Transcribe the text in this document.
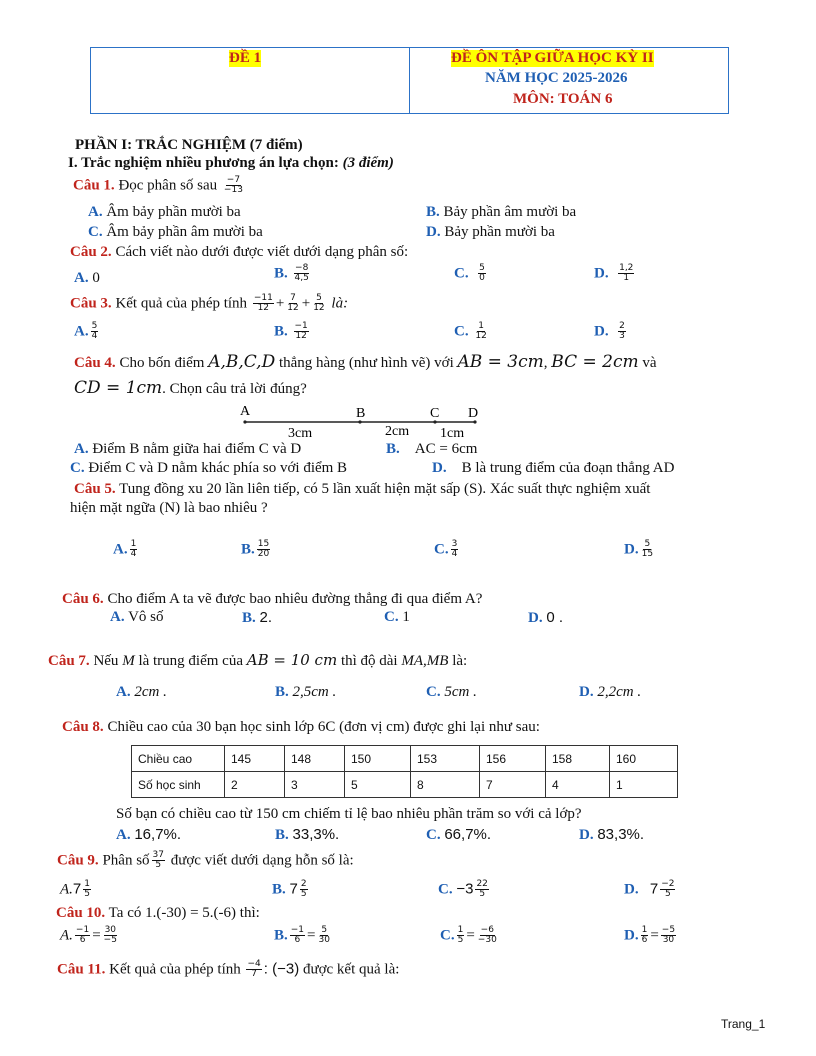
ĐỀ 1	ĐỀ ÔN TẬP GIỮA HỌC KỲ II
NĂM HỌC 2025-2026
MÔN: TOÁN 6
PHẦN I: TRẮC NGHIỆM (7 điểm)
I. Trắc nghiệm nhiều phương án lựa chọn: (3 điểm)
Câu 1. Đọc phân số sau $\frac{-7}{-13}$
A. Âm bảy phần mười ba	B. Bảy phần âm mười ba
C. Âm bảy phần âm mười ba	D. Bảy phần mười ba
Câu 2. Cách viết nào dưới được viết dưới dạng phân số:
A. 0	B. $\frac{-8}{4,5}$	C. $\frac{5}{0}$	D. $\frac{1,2}{1}$
Câu 3. Kết quả của phép tính $\frac{-11}{12} + \frac{7}{12} + \frac{5}{12}$ là:
A. $\frac{5}{4}$	B. $\frac{-1}{12}$	C. $\frac{1}{12}$	D. $\frac{2}{3}$
Câu 4. Cho bốn điểm A,B,C,D thẳng hàng (như hình vẽ) với AB = 3cm, BC = 2cm và
CD = 1cm. Chọn câu trả lời đúng?
A	B	C D
3cm	2cm 1cm
A. Điểm B nằm giữa hai điểm C và D	B. AC = 6cm
C. Điểm C và D nằm khác phía so với điểm B	D. B là trung điểm của đoạn thẳng AD
Câu 5. Tung đồng xu 20 lần liên tiếp, có 5 lần xuất hiện mặt sấp (S). Xác suất thực nghiệm xuất
hiện mặt ngữa (N) là bao nhiêu ?
A. $\frac{1}{4}$	B. $\frac{15}{20}$	C. $\frac{3}{4}$	D. $\frac{5}{15}$
Câu 6. Cho điểm A ta vẽ được bao nhiêu đường thẳng đi qua điểm A?
A. Vô số	B. 2.	C. 1	D. 0 .
Câu 7. Nếu M là trung điểm của AB = 10 cm thì độ dài MA,MB là:
A. 2cm .	B. 2,5cm .	C. 5cm .	D. 2,2cm .
Câu 8. Chiều cao của 30 bạn học sinh lớp 6C (đơn vị cm) được ghi lại như sau:
Chiều cao	145	148	150	153	156	158	160
Số học sinh	2	3	5	8	7	4	1
Số bạn có chiều cao từ 150 cm chiếm tỉ lệ bao nhiêu phần trăm so với cả lớp?
A. 16,7%.	B. 33,3%.	C. 66,7%.	D. 83,3%.
Câu 9. Phân số $\frac{37}{5}$ được viết dưới dạng hỗn số là:
$A.7 \frac{1}{5}$	B. $7 \frac{2}{5}$	C. $-3 \frac{22}{5}$	D. $7 \frac{-2}{5}$
Câu 10. Ta có 1.(-30) = 5.(-6) thì:
A. $\frac{-1}{6} = \frac{30}{-5}$	B. $\frac{-1}{6} = \frac{5}{30}$	C. $\frac{1}{5} = \frac{-6}{-30}$	D. $\frac{1}{6} = \frac{-5}{30}$
Câu 11. Kết quả của phép tính $\frac{-4}{7}$ : (−3) được kết quả là:
Trang_1
